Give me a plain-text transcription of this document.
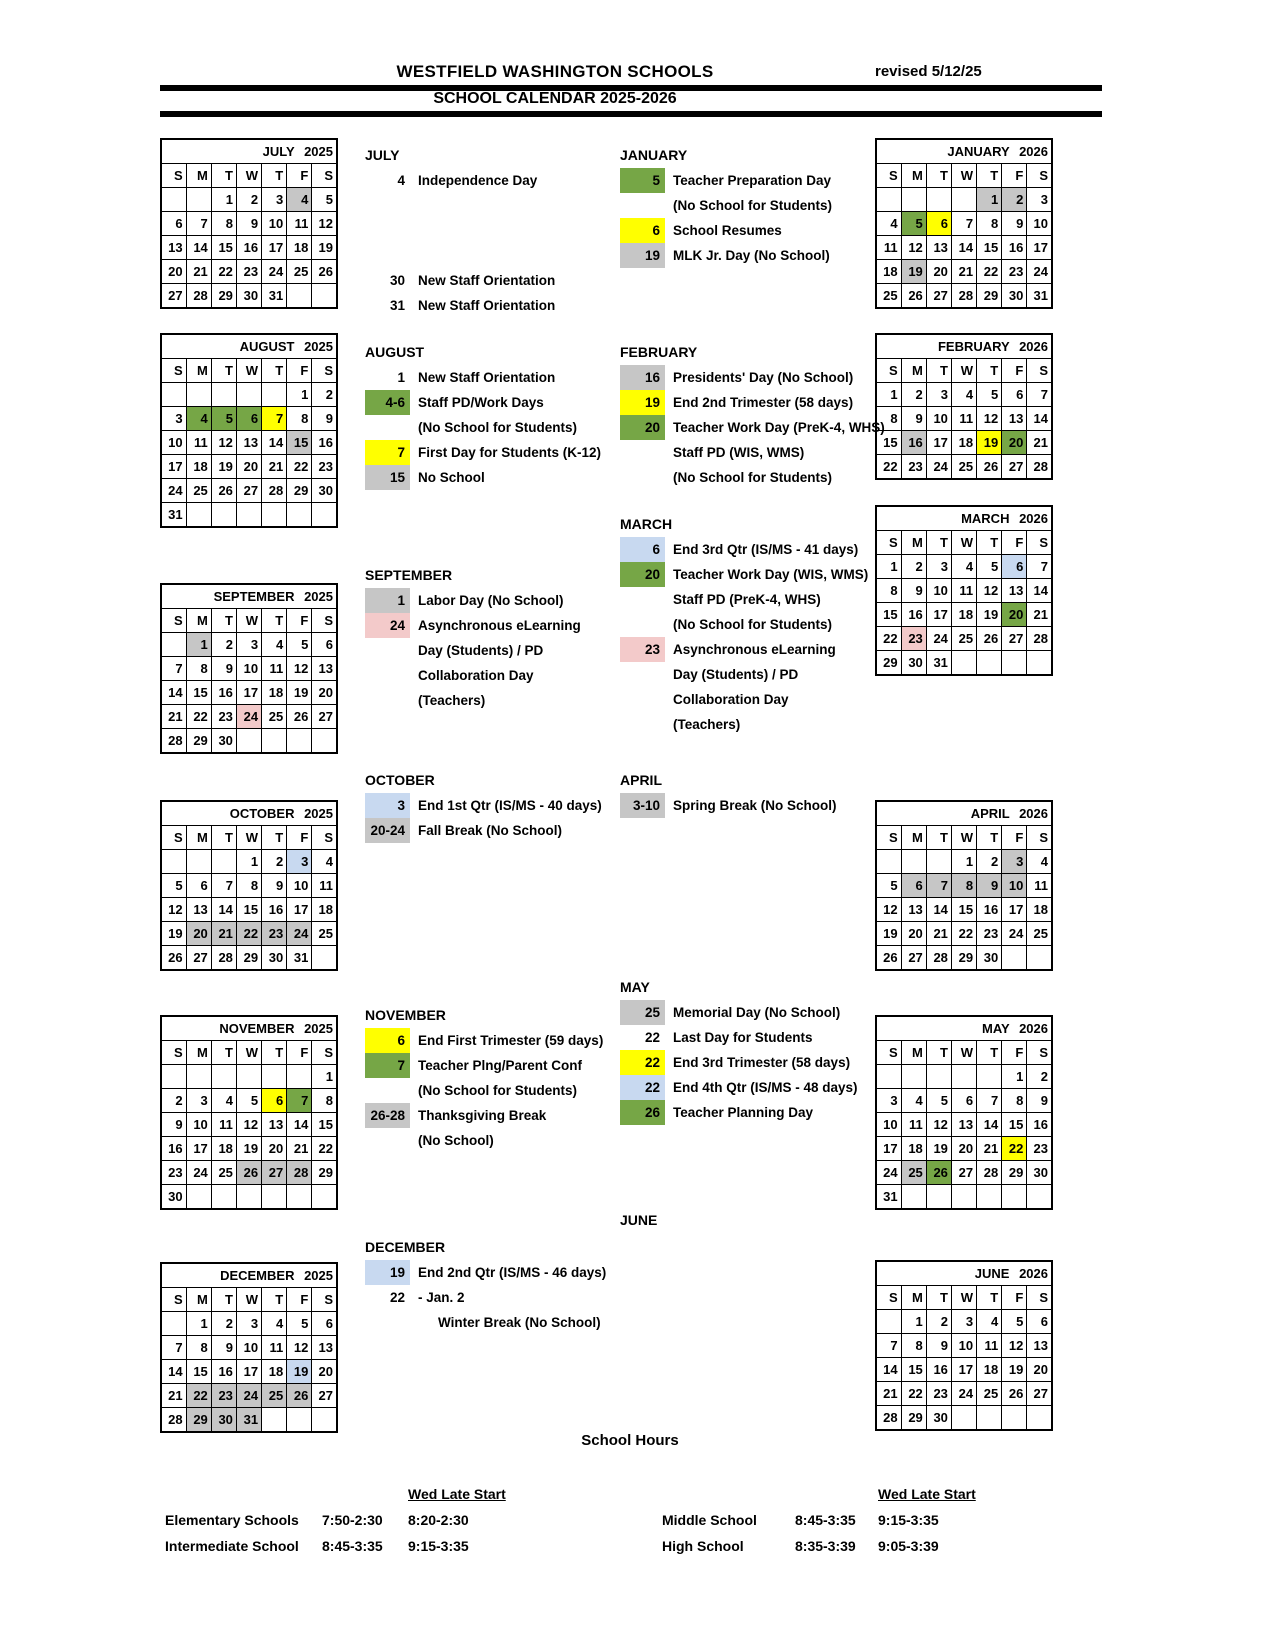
WESTFIELD WASHINGTON SCHOOLS	revised 5/12/25
SCHOOL CALENDAR 2025-2026
JULY 2025						
S	M	T	W	T	F	S
		1	2	3	4	5
6	7	8	9	10	11	12
13	14	15	16	17	18	19
20	21	22	23	24	25	26
27	28	29	30	31		
AUGUST 2025						
S	M	T	W	T	F	S
					1	2
3	4	5	6	7	8	9
10	11	12	13	14	15	16
17	18	19	20	21	22	23
24	25	26	27	28	29	30
31						
SEPTEMBER 2025						
S	M	T	W	T	F	S
	1	2	3	4	5	6
7	8	9	10	11	12	13
14	15	16	17	18	19	20
21	22	23	24	25	26	27
28	29	30				
OCTOBER 2025						
S	M	T	W	T	F	S
			1	2	3	4
5	6	7	8	9	10	11
12	13	14	15	16	17	18
19	20	21	22	23	24	25
26	27	28	29	30	31	
NOVEMBER 2025						
S	M	T	W	T	F	S
						1
2	3	4	5	6	7	8
9	10	11	12	13	14	15
16	17	18	19	20	21	22
23	24	25	26	27	28	29
30						
DECEMBER 2025						
S	M	T	W	T	F	S
	1	2	3	4	5	6
7	8	9	10	11	12	13
14	15	16	17	18	19	20
21	22	23	24	25	26	27
28	29	30	31			
JANUARY 2026						
S	M	T	W	T	F	S
				1	2	3
4	5	6	7	8	9	10
11	12	13	14	15	16	17
18	19	20	21	22	23	24
25	26	27	28	29	30	31
FEBRUARY 2026						
S	M	T	W	T	F	S
1	2	3	4	5	6	7
8	9	10	11	12	13	14
15	16	17	18	19	20	21
22	23	24	25	26	27	28
MARCH 2026						
S	M	T	W	T	F	S
1	2	3	4	5	6	7
8	9	10	11	12	13	14
15	16	17	18	19	20	21
22	23	24	25	26	27	28
29	30	31				
APRIL 2026						
S	M	T	W	T	F	S
			1	2	3	4
5	6	7	8	9	10	11
12	13	14	15	16	17	18
19	20	21	22	23	24	25
26	27	28	29	30		
MAY 2026						
S	M	T	W	T	F	S
					1	2
3	4	5	6	7	8	9
10	11	12	13	14	15	16
17	18	19	20	21	22	23
24	25	26	27	28	29	30
31						
JUNE 2026						
S	M	T	W	T	F	S
	1	2	3	4	5	6
7	8	9	10	11	12	13
14	15	16	17	18	19	20
21	22	23	24	25	26	27
28	29	30				
JULY
4 Independence Day
30 New Staff Orientation
31 New Staff Orientation
AUGUST
1 New Staff Orientation
4-6 Staff PD/Work Days
(No School for Students)
7 First Day for Students (K-12)
15 No School
SEPTEMBER
1 Labor Day (No School)
24 Asynchronous eLearning
Day (Students) / PD
Collaboration Day
(Teachers)
OCTOBER
3 End 1st Qtr (IS/MS - 40 days)
20-24 Fall Break (No School)
NOVEMBER
6 End First Trimester (59 days)
7 Teacher Plng/Parent Conf
(No School for Students)
26-28 Thanksgiving Break
(No School)
DECEMBER
19 End 2nd Qtr (IS/MS - 46 days)
22 - Jan. 2
Winter Break (No School)
JANUARY
5 Teacher Preparation Day
(No School for Students)
6 School Resumes
19 MLK Jr. Day (No School)
FEBRUARY
16 Presidents' Day (No School)
19 End 2nd Trimester (58 days)
20 Teacher Work Day (PreK-4, WHS)
Staff PD (WIS, WMS)
(No School for Students)
MARCH
6 End 3rd Qtr (IS/MS - 41 days)
20 Teacher Work Day (WIS, WMS)
Staff PD (PreK-4, WHS)
(No School for Students)
23 Asynchronous eLearning
Day (Students) / PD
Collaboration Day
(Teachers)
APRIL
3-10 Spring Break (No School)
MAY
25 Memorial Day (No School)
22 Last Day for Students
22 End 3rd Trimester (58 days)
22 End 4th Qtr (IS/MS - 48 days)
26 Teacher Planning Day
JUNE
School Hours
Wed Late Start	Wed Late Start
Elementary Schools 7:50-2:30 8:20-2:30
Intermediate School 8:45-3:35 9:15-3:35
Middle School	8:45-3:35 9:15-3:35
High School	8:35-3:39 9:05-3:39
